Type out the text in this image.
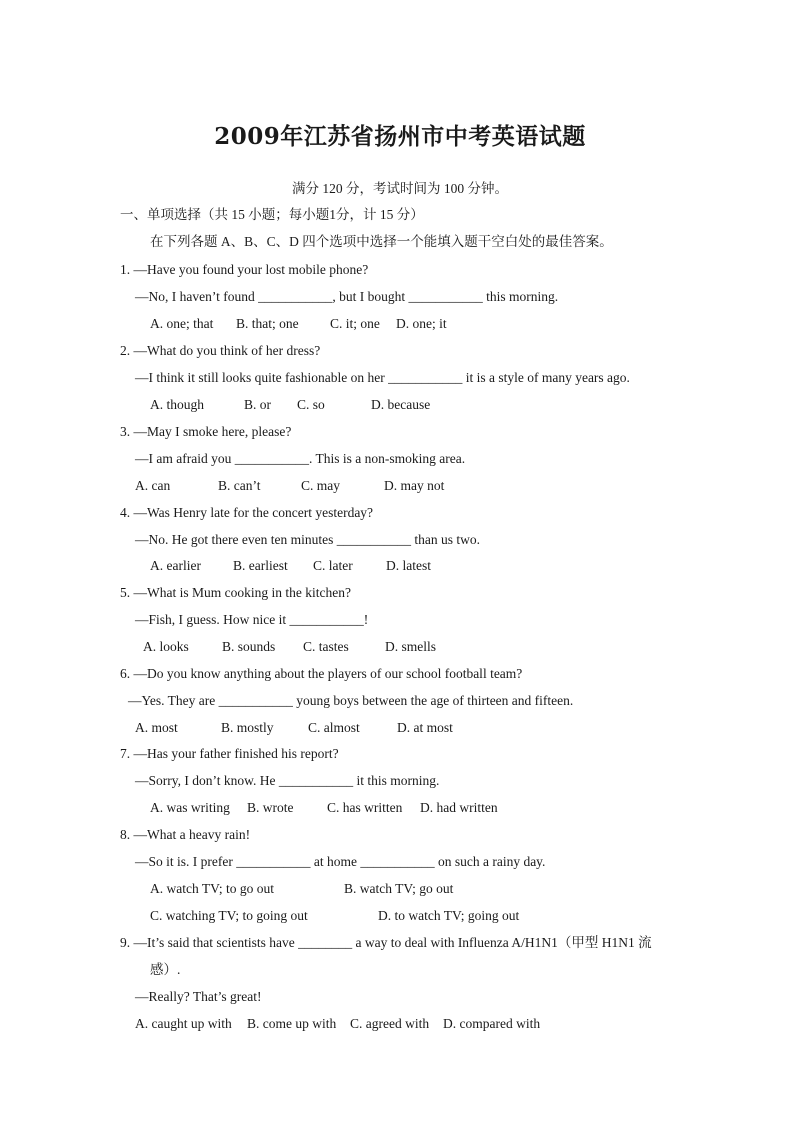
2009年江苏省扬州市中考英语试题
满分 120 分，考试时间为 100 分钟。
一、单项选择（共 15 小题；每小题1分，计 15 分）
在下列各题 A、B、C、D 四个选项中选择一个能填入题干空白处的最佳答案。
1. —Have you found your lost mobile phone?
—No, I haven’t found ___________, but I bought ___________ this morning.
A. one; that B. that; one C. it; one D. one; it
2. —What do you think of her dress?
—I think it still looks quite fashionable on her ___________ it is a style of many years ago.
A. though	B. or C. so	D. because
3. —May I smoke here, please?
—I am afraid you ___________. This is a non-smoking area.
A. can	B. can’t	C. may	D. may not
4. —Was Henry late for the concert yesterday?
—No. He got there even ten minutes ___________ than us two.
A. earlier B. earliest C. later D. latest
5. —What is Mum cooking in the kitchen?
—Fish, I guess. How nice it ___________!
A. looks B. sounds C. tastes	D. smells
6. —Do you know anything about the players of our school football team?
—Yes. They are ___________ young boys between the age of thirteen and fifteen.
A. most	B. mostly	C. almost	D. at most
7. —Has your father finished his report?
—Sorry, I don’t know. He ___________ it this morning.
A. was writing B. wrote C. has written D. had written
8. —What a heavy rain!
—So it is. I prefer ___________ at home ___________ on such a rainy day.
A. watch TV; to go out	B. watch TV; go out
C. watching TV; to going out	D. to watch TV; going out
9. —It’s said that scientists have ________ a way to deal with Influenza A/H1N1（甲型 H1N1 流
感）.
—Really? That’s great!
A. caught up with B. come up with C. agreed with D. compared with
